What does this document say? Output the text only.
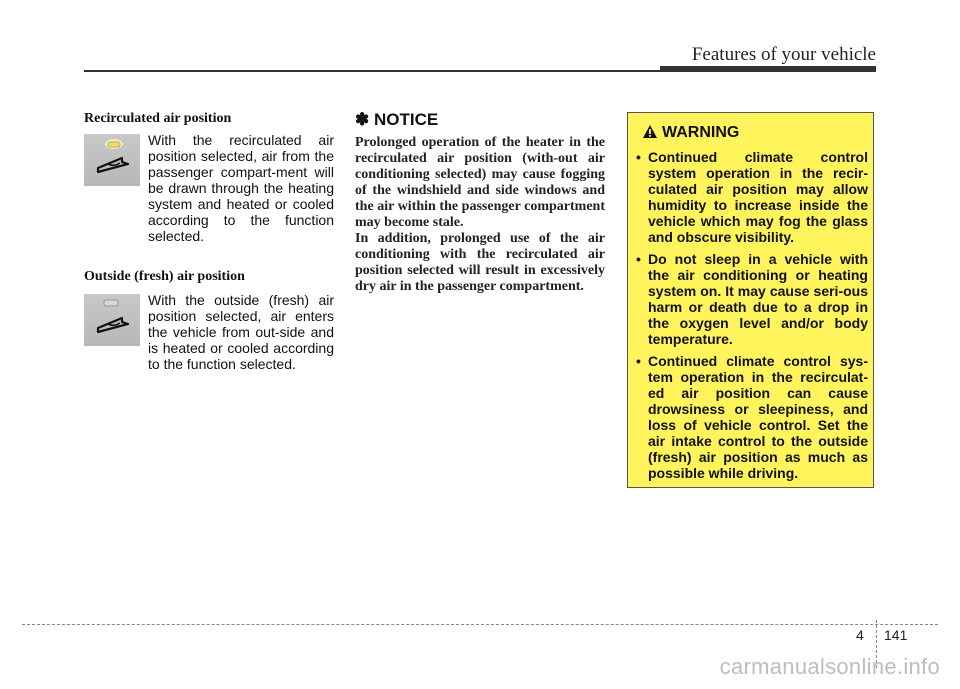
Features of your vehicle
Recirculated air position
With the recirculated air position selected, air from the passenger compart-ment will be drawn through the heating system and heated or cooled according to the function selected.
Outside (fresh) air position
With the outside (fresh) air position selected, air enters the vehicle from out-side and is heated or cooled according to the function selected.
✽ NOTICE

Prolonged operation of the heater in the recirculated air position (with-out air conditioning selected) may cause fogging of the windshield and side windows and the air within the passenger compartment may become stale.

In addition, prolonged use of the air conditioning with the recirculated air position selected will result in excessively dry air in the passenger compartment.

WARNING
• Continued climate control system operation in the recir-culated air position may allow humidity to increase inside the vehicle which may fog the glass and obscure visibility.
• Do not sleep in a vehicle with the air conditioning or heating system on. It may cause seri-ous harm or death due to a drop in the oxygen level and/or body temperature.
• Continued climate control sys-tem operation in the recirculat-ed air position can cause drowsiness or sleepiness, and loss of vehicle control. Set the air intake control to the outside (fresh) air position as much as possible while driving.
4 141
carmanualsonline.info
